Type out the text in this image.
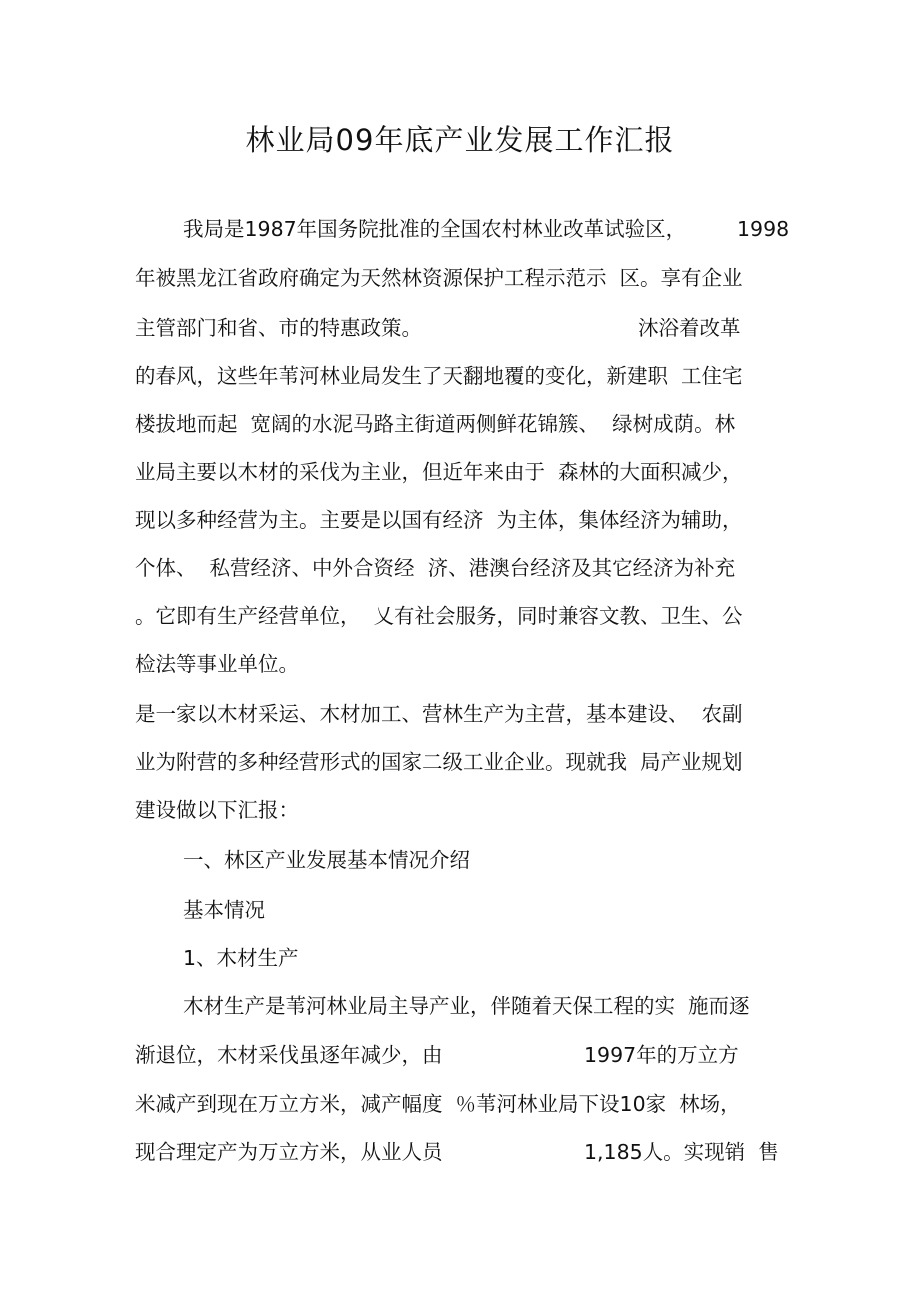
林业局09年底产业发展工作汇报
我局是1987年国务院批准的全国农村林业改革试验区， 1998
年被黑龙江省政府确定为天然林资源保护工程示范示  区。享有企业
主管部门和省、市的特惠政策。	沐浴着改革
的春风，这些年苇河林业局发生了天翻地覆的变化，新建职  工住宅
楼拔地而起  宽阔的水泥马路主街道两侧鲜花锦簇、  绿树成荫。林
业局主要以木材的采伐为主业，但近年来由于  森林的大面积减少，
现以多种经营为主。主要是以国有经济  为主体，集体经济为辅助，
个体、  私营经济、中外合资经  济、港澳台经济及其它经济为补充
。它即有生产经营单位，  乂有社会服务，同时兼容文教、卫生、公
检法等事业单位。
是一家以木材采运、木材加工、营林生产为主营，基本建设、  农副
业为附营的多种经营形式的国家二级工业企业。现就我  局产业规划
建设做以下汇报：
一、林区产业发展基本情况介绍
基本情况
1、木材生产
木材生产是苇河林业局主导产业，伴随着天保工程的实  施而逐
渐退位，木材采伐虽逐年减少，由	1997年的万立方
米减产到现在万立方米，减产幅度  ％苇河林业局下设10家  林场，
现合理定产为万立方米，从业人员	1,185人。实现销  售
